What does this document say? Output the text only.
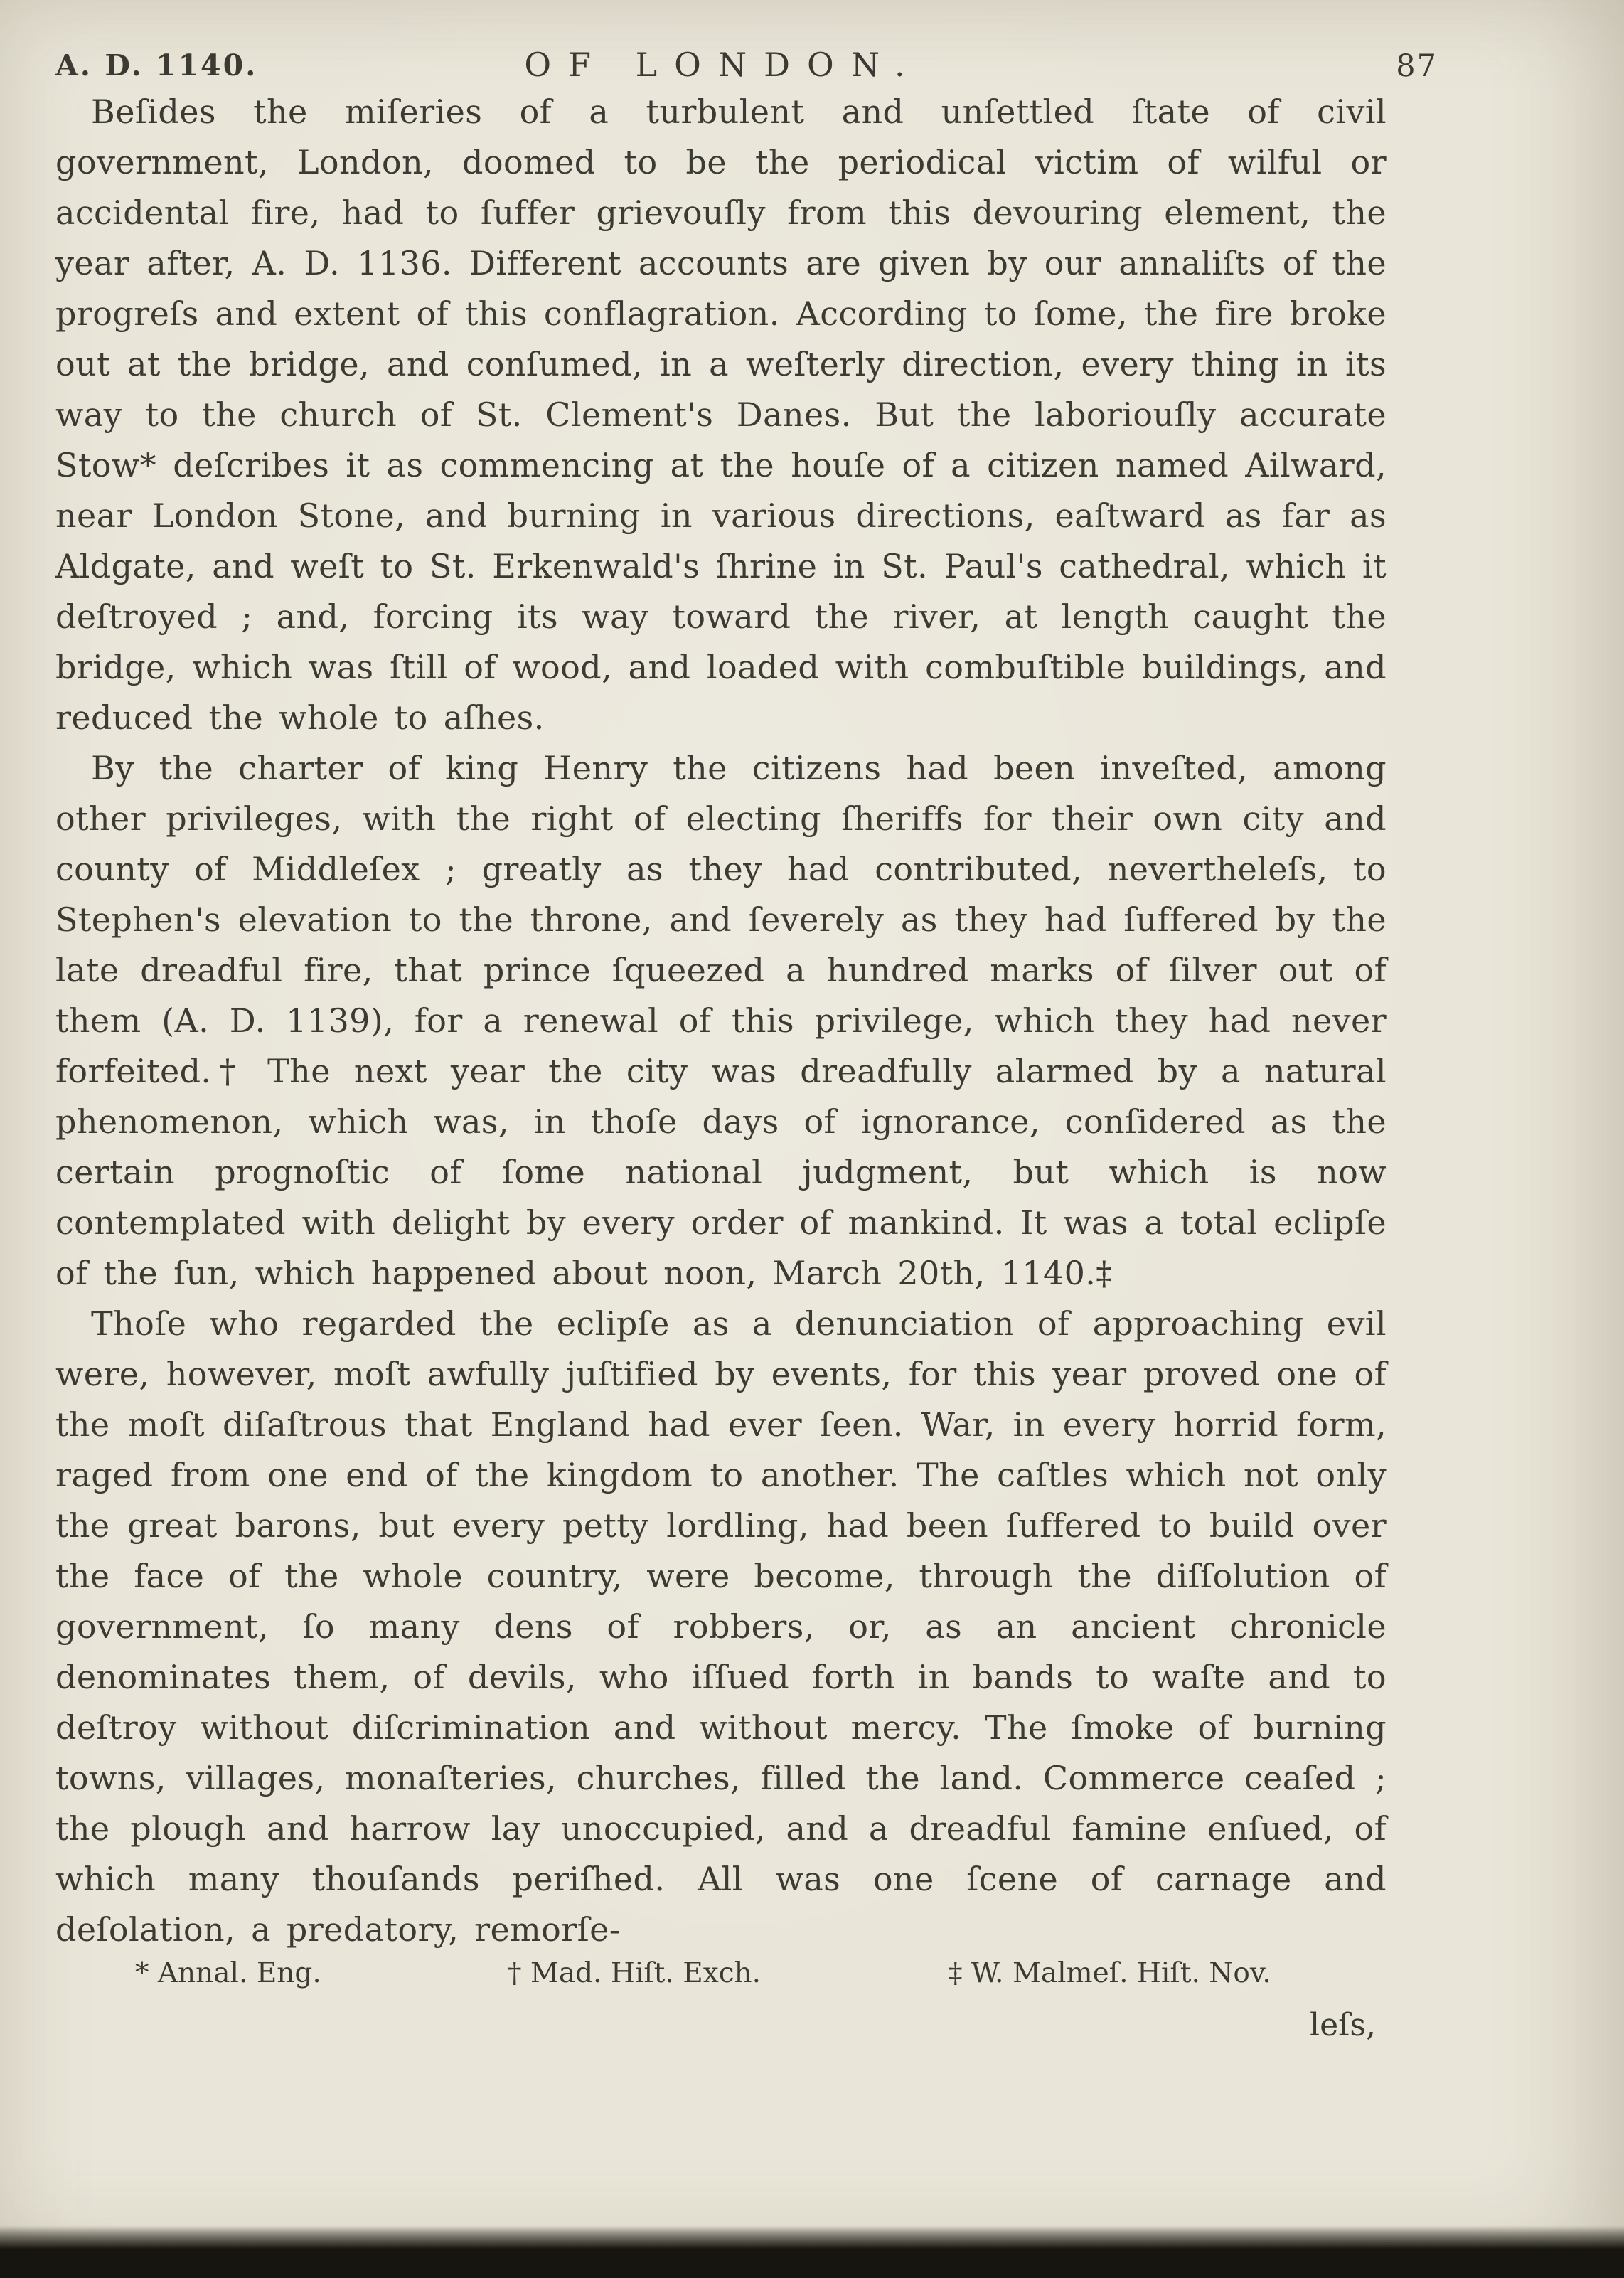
A. D. 1140.	OF LONDON.	87

Beſides the miſeries of a turbulent and unſettled ſtate of civil government, London, doomed to be the periodical victim of wilful or accidental fire, had to ſuffer grievouſly from this devouring element, the year after, A. D. 1136. Different accounts are given by our annaliſts of the progreſs and extent of this conflagration. According to ſome, the fire broke out at the bridge, and conſumed, in a weſterly direction, every thing in its way to the church of St. Clement's Danes. But the laboriouſly accurate Stow* deſcribes it as commencing at the houſe of a citizen named Ailward, near London Stone, and burning in various directions, eaſtward as far as Aldgate, and weſt to St. Erkenwald's ſhrine in St. Paul's cathedral, which it deſtroyed ; and, forcing its way toward the river, at length caught the bridge, which was ſtill of wood, and loaded with combuſtible buildings, and reduced the whole to aſhes.

By the charter of king Henry the citizens had been inveſted, among other privileges, with the right of electing ſheriffs for their own city and county of Middleſex ; greatly as they had contributed, nevertheleſs, to Stephen's elevation to the throne, and ſeverely as they had ſuffered by the late dreadful fire, that prince ſqueezed a hundred marks of ſilver out of them (A. D. 1139), for a renewal of this privilege, which they had never forfeited.† The next year the city was dreadfully alarmed by a natural phenomenon, which was, in thoſe days of ignorance, conſidered as the certain prognoſtic of ſome national judgment, but which is now contemplated with delight by every order of mankind. It was a total eclipſe of the ſun, which happened about noon, March 20th, 1140.‡

Thoſe who regarded the eclipſe as a denunciation of approaching evil were, however, moſt awfully juſtified by events, for this year proved one of the moſt diſaſtrous that England had ever ſeen. War, in every horrid form, raged from one end of the kingdom to another. The caſtles which not only the great barons, but every petty lordling, had been ſuffered to build over the face of the whole country, were become, through the diſſolution of government, ſo many dens of robbers, or, as an ancient chronicle denominates them, of devils, who iſſued forth in bands to waſte and to deſtroy without diſcrimination and without mercy. The ſmoke of burning towns, villages, monaſteries, churches, filled the land. Commerce ceaſed ; the plough and harrow lay unoccupied, and a dreadful famine enſued, of which many thouſands periſhed. All was one ſcene of carnage and deſolation, a predatory, remorſe-

* Annal. Eng.	† Mad. Hiſt. Exch.	‡ W. Malmeſ. Hiſt. Nov.
leſs,
